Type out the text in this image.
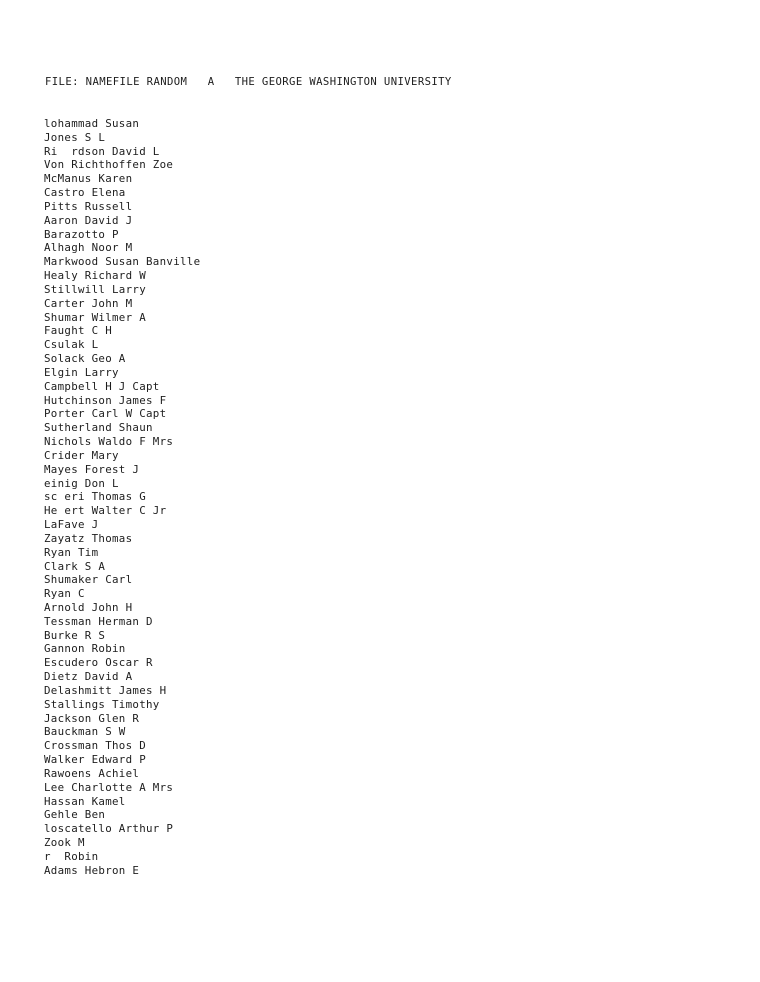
FILE: NAMEFILE RANDOM A THE GEORGE WASHINGTON UNIVERSITY
lohammad Susan
Jones S L
Ri  rdson David L
Von Richthoffen Zoe
McManus Karen
Castro Elena
Pitts Russell
Aaron David J
Barazotto P
Alhagh Noor M
Markwood Susan Banville
Healy Richard W
Stillwill Larry
Carter John M
Shumar Wilmer A
Faught C H
Csulak L
Solack Geo A
Elgin Larry
Campbell H J Capt
Hutchinson James F
Porter Carl W Capt
Sutherland Shaun
Nichols Waldo F Mrs
Crider Mary
Mayes Forest J
einig Don L
sc eri Thomas G
He ert Walter C Jr
LaFave J
Zayatz Thomas
Ryan Tim
Clark S A
Shumaker Carl
Ryan C
Arnold John H
Tessman Herman D
Burke R S
Gannon Robin
Escudero Oscar R
Dietz David A
Delashmitt James H
Stallings Timothy
Jackson Glen R
Bauckman S W
Crossman Thos D
Walker Edward P
Rawoens Achiel
Lee Charlotte A Mrs
Hassan Kamel
Gehle Ben
loscatello Arthur P
Zook M
r  Robin
Adams Hebron E
